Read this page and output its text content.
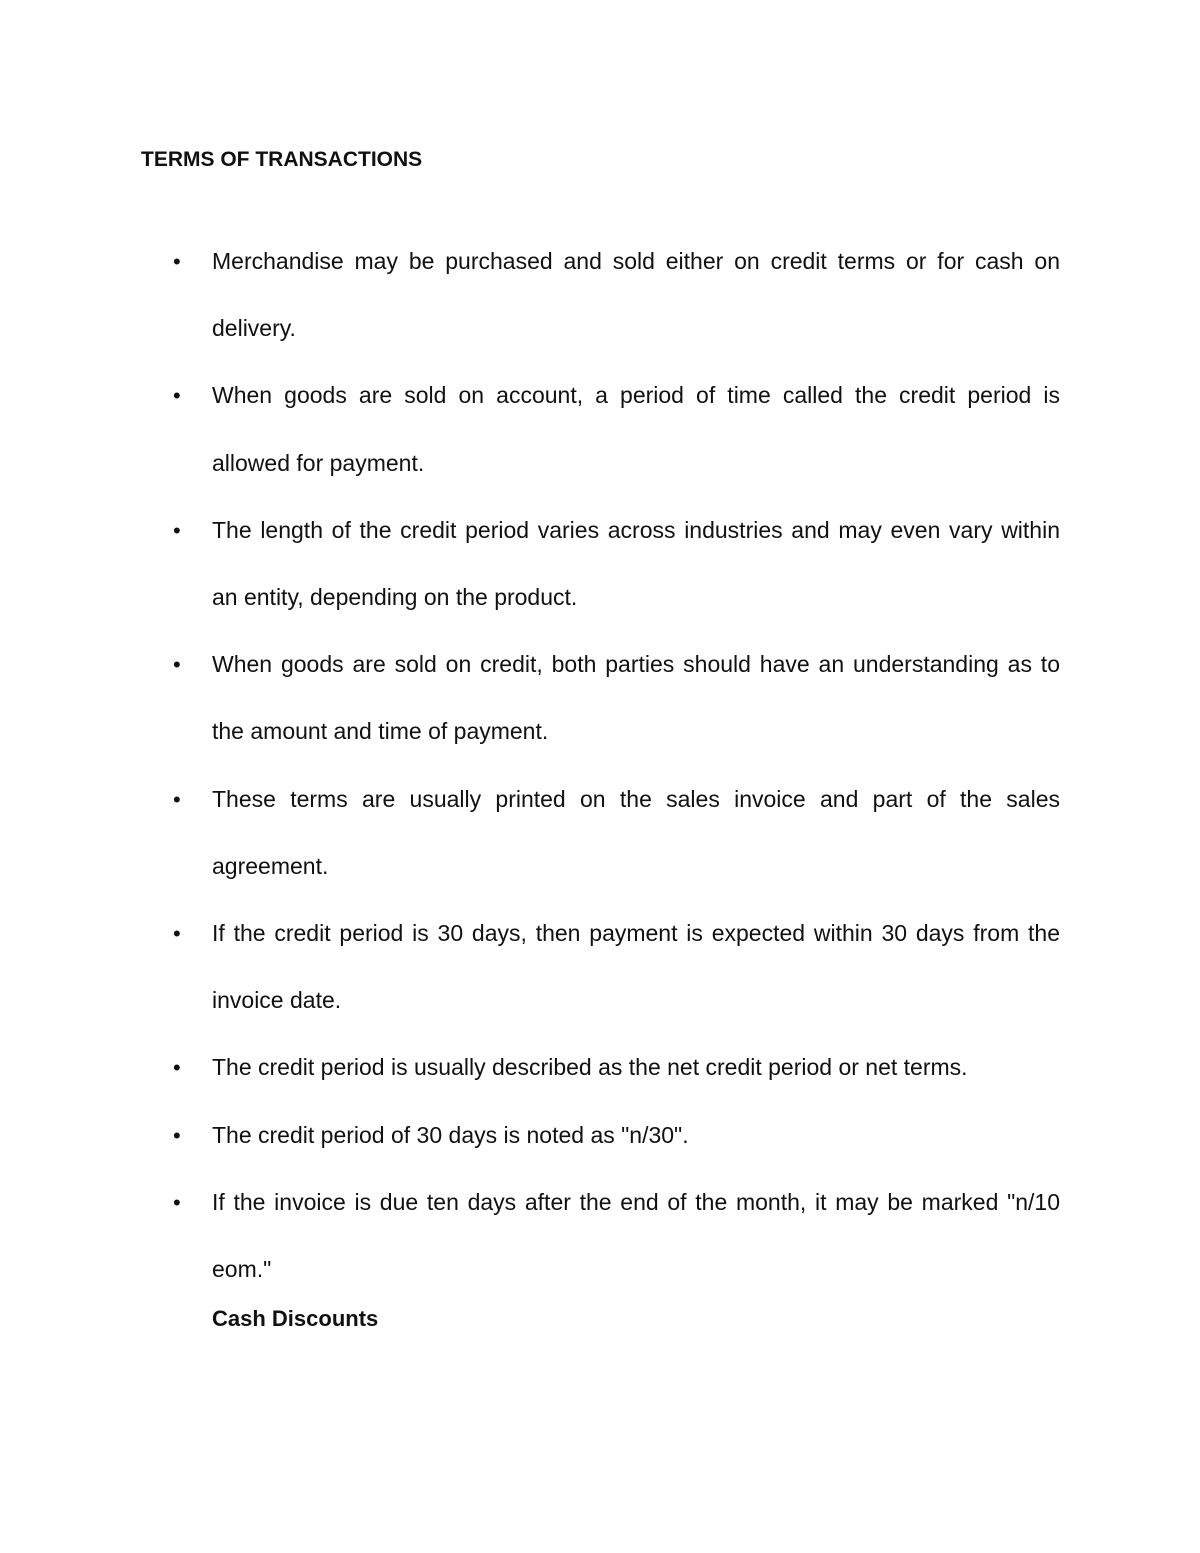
TERMS OF TRANSACTIONS
• Merchandise may be purchased and sold either on credit terms or for cash on delivery.
• When goods are sold on account, a period of time called the credit period is allowed for payment.
• The length of the credit period varies across industries and may even vary within an entity, depending on the product.
• When goods are sold on credit, both parties should have an understanding as to the amount and time of payment.
• These terms are usually printed on the sales invoice and part of the sales agreement.
• If the credit period is 30 days, then payment is expected within 30 days from the invoice date.
• The credit period is usually described as the net credit period or net terms.
• The credit period of 30 days is noted as "n/30".
• If the invoice is due ten days after the end of the month, it may be marked "n/10 eom."
Cash Discounts
